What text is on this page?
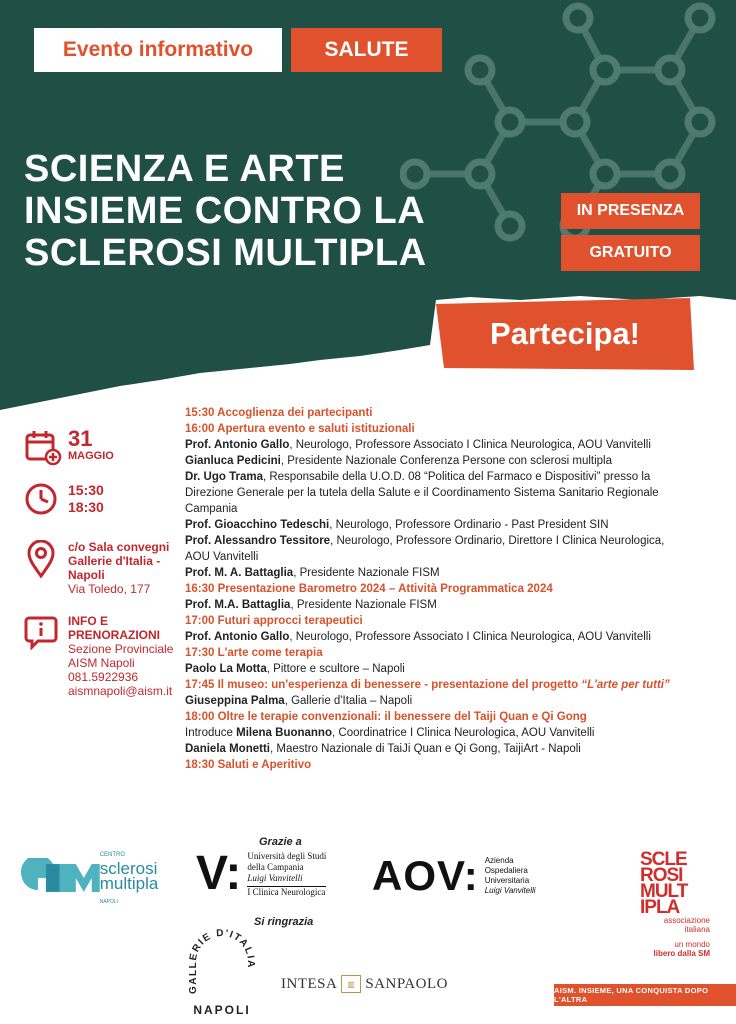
Evento informativo	SALUTE
SCIENZA E ARTE
INSIEME CONTRO LA
SCLEROSI MULTIPLA
IN PRESENZA
GRATUITO
Partecipa!
31
MAGGIO
15:30
18:30
c/o Sala convegni
Gallerie d'Italia -
Napoli
Via Toledo, 177
INFO E
PRENORAZIONI
Sezione Provinciale
AISM Napoli
081.5922936
aismnapoli@aism.it
15:30 Accoglienza dei partecipanti
16:00 Apertura evento e saluti istituzionali
Prof. Antonio Gallo, Neurologo, Professore Associato I Clinica Neurologica, AOU Vanvitelli
Gianluca Pedicini, Presidente Nazionale Conferenza Persone con sclerosi multipla
Dr. Ugo Trama, Responsabile della U.O.D. 08 “Politica del Farmaco e Dispositivi” presso la Direzione Generale per la tutela della Salute e il Coordinamento Sistema Sanitario Regionale Campania
Prof. Gioacchino Tedeschi, Neurologo, Professore Ordinario - Past President SIN
Prof. Alessandro Tessitore, Neurologo, Professore Ordinario, Direttore I Clinica Neurologica, AOU Vanvitelli
Prof. M. A. Battaglia, Presidente Nazionale FISM
16:30 Presentazione Barometro 2024 – Attività Programmatica 2024
Prof. M.A. Battaglia, Presidente Nazionale FISM
17:00 Futuri approcci terapeutici
Prof. Antonio Gallo, Neurologo, Professore Associato I Clinica Neurologica, AOU Vanvitelli
17:30 L'arte come terapia
Paolo La Motta, Pittore e scultore – Napoli
17:45 Il museo: un'esperienza di benessere - presentazione del progetto “L'arte per tutti”
Giuseppina Palma, Gallerie d'Italia – Napoli
18:00 Oltre le terapie convenzionali: il benessere del Taiji Quan e Qi Gong
Introduce Milena Buonanno, Coordinatrice I Clinica Neurologica, AOU Vanvitelli
Daniela Monetti, Maestro Nazionale di TaiJi Quan e Qi Gong, TaijiArt - Napoli
18:30 Saluti e Aperitivo
Grazie a
CENTRO
sclerosi
multipla NAPOLI
V: Università degli Studi
della Campania
Luigi Vanvitelli
I Clinica Neurologica AOV: Azienda
Ospedaliera
Universitaria
Luigi Vanvitelli
SCLE
ROSI
MULT
IPLA
associazione
italiana
un mondo
libero dalla SM
Si ringrazia
GALLERIE D'ITALIA
NAPOLI
INTESA	▥ SANPAOLO	AISM. INSIEME, UNA CONQUISTA DOPO L'ALTRA
